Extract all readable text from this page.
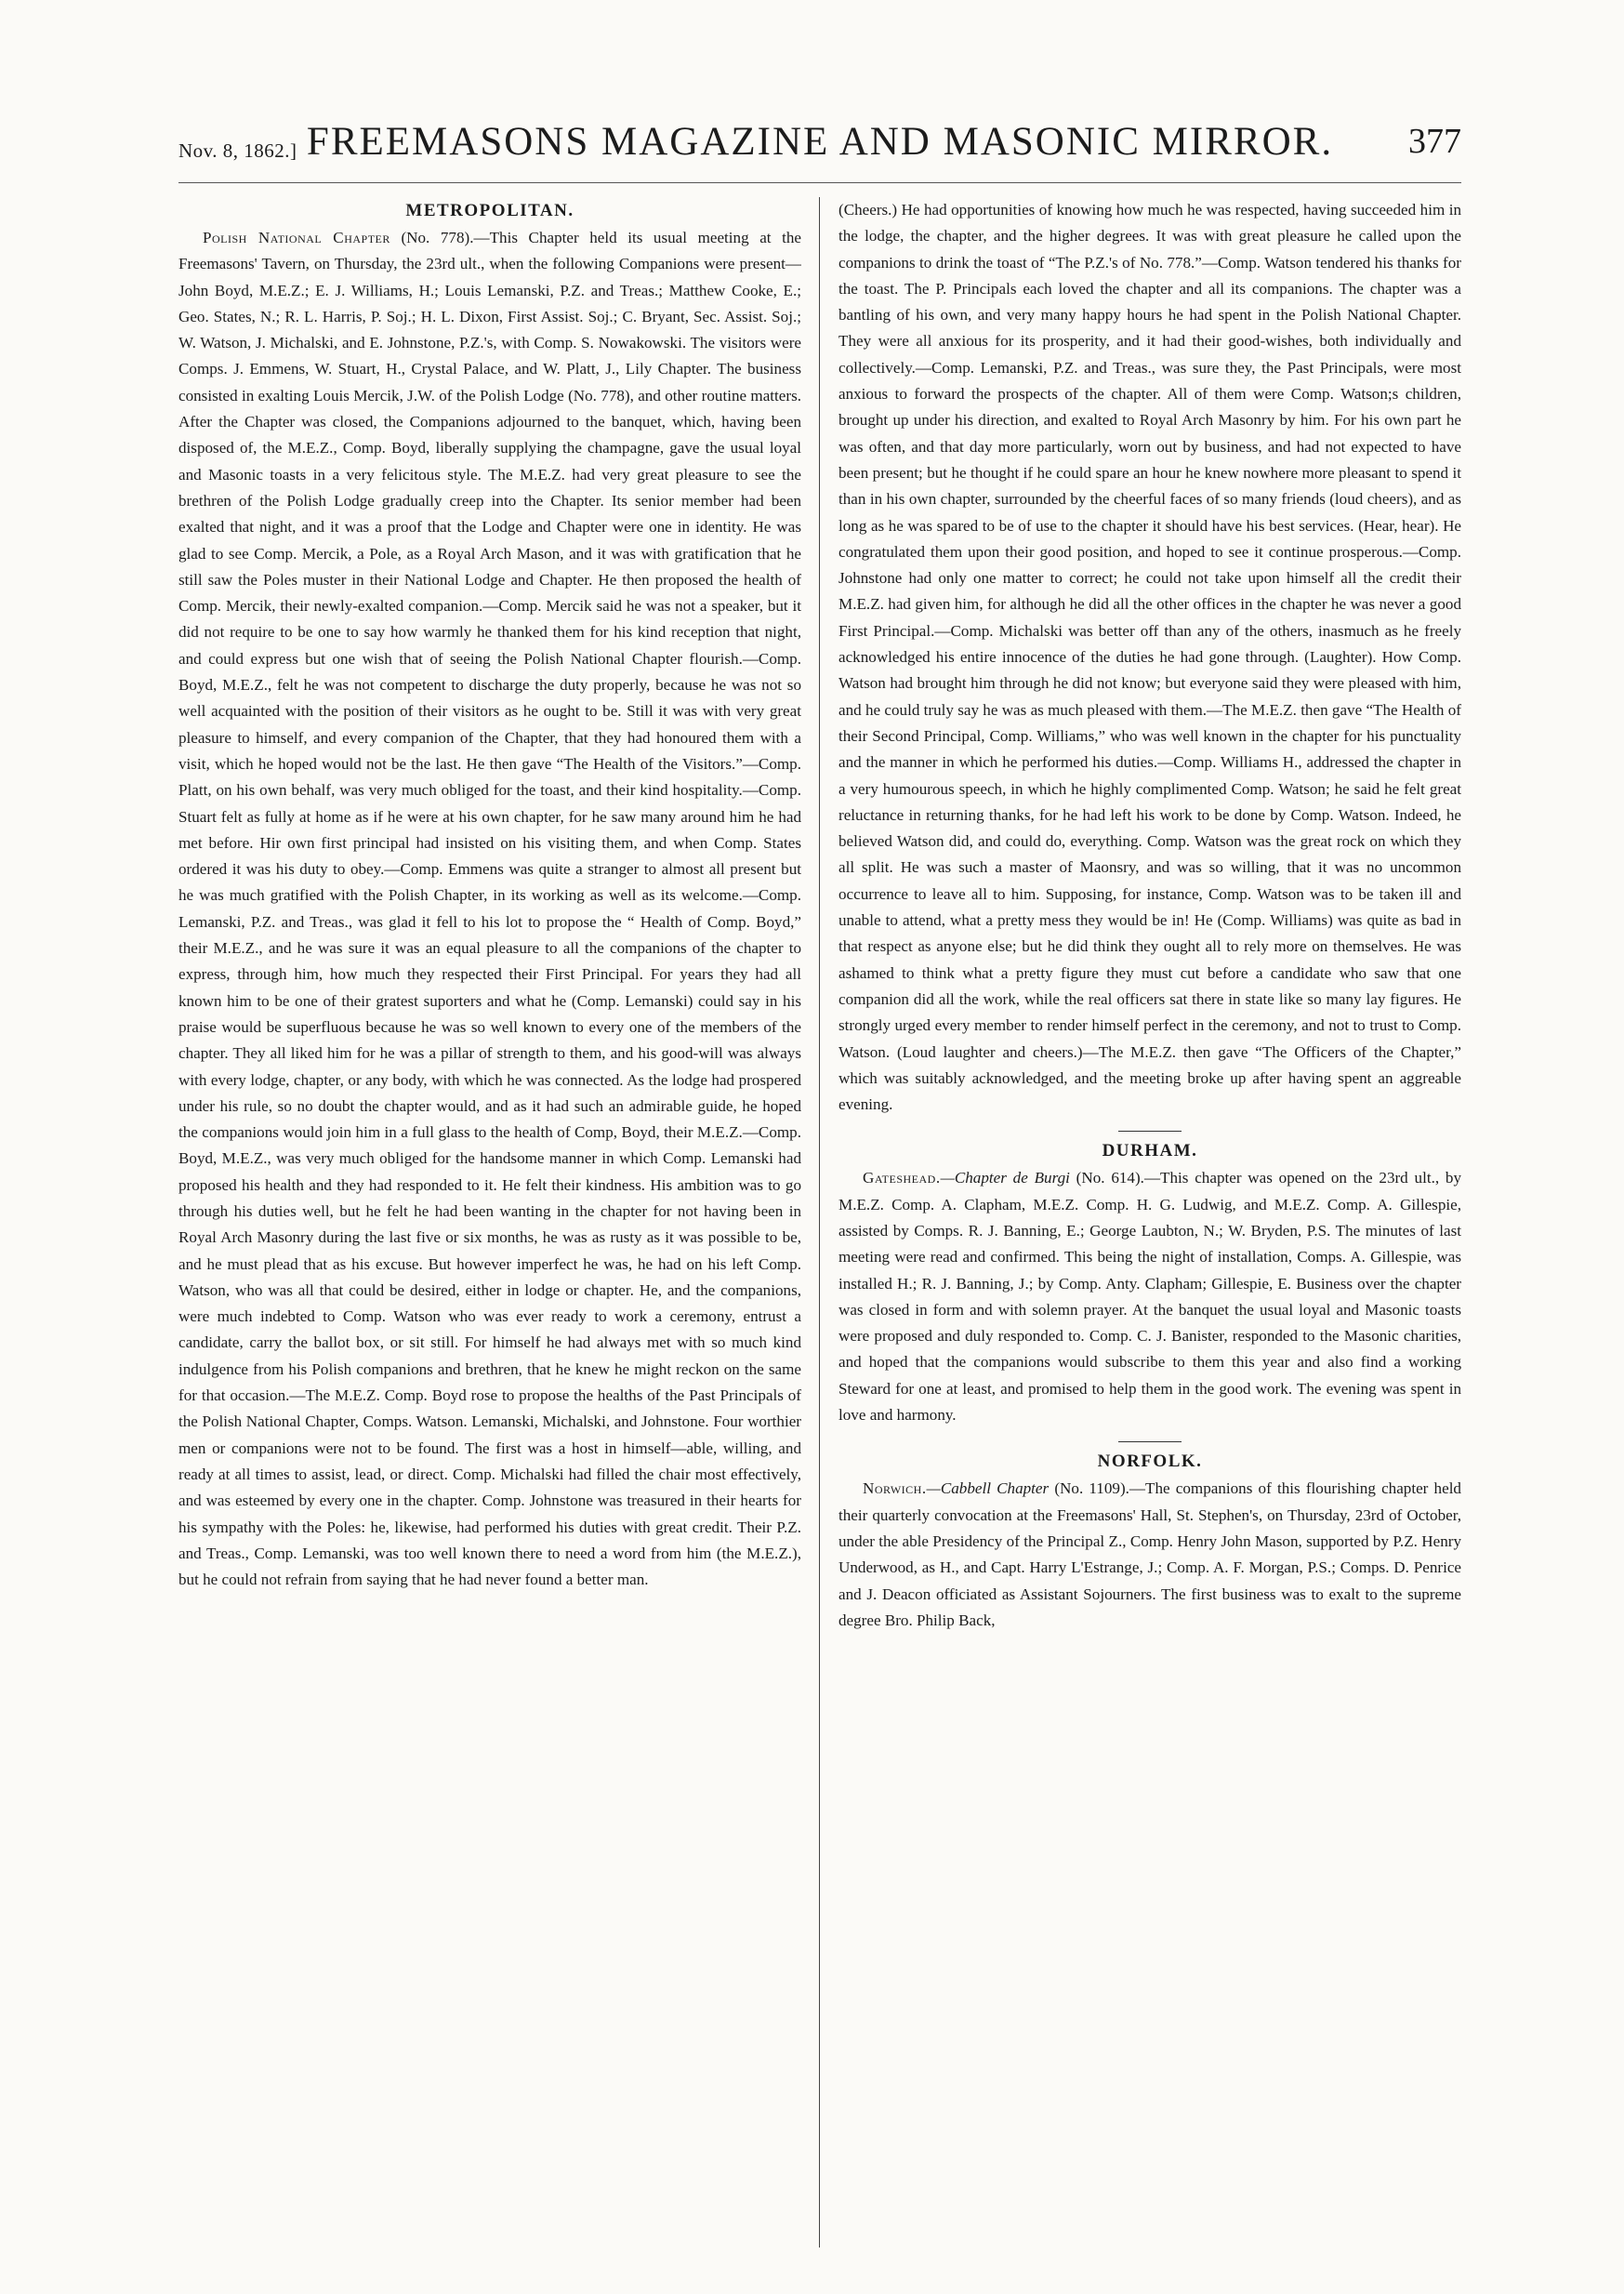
Nov. 8, 1862.] FREEMASONS MAGAZINE AND MASONIC MIRROR.	377
METROPOLITAN.

Polish National Chapter (No. 778).—This Chapter held its usual meeting at the Freemasons' Tavern, on Thursday, the 23rd ult., when the following Companions were present—John Boyd, M.E.Z.; E. J. Williams, H.; Louis Lemanski, P.Z. and Treas.; Matthew Cooke, E.; Geo. States, N.; R. L. Harris, P. Soj.; H. L. Dixon, First Assist. Soj.; C. Bryant, Sec. Assist. Soj.; W. Watson, J. Michalski, and E. Johnstone, P.Z.'s, with Comp. S. Nowakowski. The visitors were Comps. J. Emmens, W. Stuart, H., Crystal Palace, and W. Platt, J., Lily Chapter. The business consisted in exalting Louis Mercik, J.W. of the Polish Lodge (No. 778), and other routine matters. After the Chapter was closed, the Companions adjourned to the banquet, which, having been disposed of, the M.E.Z., Comp. Boyd, liberally supplying the champagne, gave the usual loyal and Masonic toasts in a very felicitous style. The M.E.Z. had very great pleasure to see the brethren of the Polish Lodge gradually creep into the Chapter. Its senior member had been exalted that night, and it was a proof that the Lodge and Chapter were one in identity. He was glad to see Comp. Mercik, a Pole, as a Royal Arch Mason, and it was with gratification that he still saw the Poles muster in their National Lodge and Chapter. He then proposed the health of Comp. Mercik, their newly-exalted companion.—Comp. Mercik said he was not a speaker, but it did not require to be one to say how warmly he thanked them for his kind reception that night, and could express but one wish that of seeing the Polish National Chapter flourish.—Comp. Boyd, M.E.Z., felt he was not competent to discharge the duty properly, because he was not so well acquainted with the position of their visitors as he ought to be. Still it was with very great pleasure to himself, and every companion of the Chapter, that they had honoured them with a visit, which he hoped would not be the last. He then gave “The Health of the Visitors.”—Comp. Platt, on his own behalf, was very much obliged for the toast, and their kind hospitality.—Comp. Stuart felt as fully at home as if he were at his own chapter, for he saw many around him he had met before. Hir own first principal had insisted on his visiting them, and when Comp. States ordered it was his duty to obey.—Comp. Emmens was quite a stranger to almost all present but he was much gratified with the Polish Chapter, in its working as well as its welcome.—Comp. Lemanski, P.Z. and Treas., was glad it fell to his lot to propose the “ Health of Comp. Boyd,” their M.E.Z., and he was sure it was an equal pleasure to all the companions of the chapter to express, through him, how much they respected their First Principal. For years they had all known him to be one of their gratest suporters and what he (Comp. Lemanski) could say in his praise would be superfluous because he was so well known to every one of the members of the chapter. They all liked him for he was a pillar of strength to them, and his good-will was always with every lodge, chapter, or any body, with which he was connected. As the lodge had prospered under his rule, so no doubt the chapter would, and as it had such an admirable guide, he hoped the companions would join him in a full glass to the health of Comp, Boyd, their M.E.Z.—Comp. Boyd, M.E.Z., was very much obliged for the handsome manner in which Comp. Lemanski had proposed his health and they had responded to it. He felt their kindness. His ambition was to go through his duties well, but he felt he had been wanting in the chapter for not having been in Royal Arch Masonry during the last five or six months, he was as rusty as it was possible to be, and he must plead that as his excuse. But however imperfect he was, he had on his left Comp. Watson, who was all that could be desired, either in lodge or chapter. He, and the companions, were much indebted to Comp. Watson who was ever ready to work a ceremony, entrust a candidate, carry the ballot box, or sit still. For himself he had always met with so much kind indulgence from his Polish companions and brethren, that he knew he might reckon on the same for that occasion.—The M.E.Z. Comp. Boyd rose to propose the healths of the Past Principals of the Polish National Chapter, Comps. Watson. Lemanski, Michalski, and Johnstone. Four worthier men or companions were not to be found. The first was a host in himself—able, willing, and ready at all times to assist, lead, or direct. Comp. Michalski had filled the chair most effectively, and was esteemed by every one in the chapter. Comp. Johnstone was treasured in their hearts for his sympathy with the Poles: he, likewise, had performed his duties with great credit. Their P.Z. and Treas., Comp. Lemanski, was too well known there to need a word from him (the M.E.Z.), but he could not refrain from saying that he had never found a better man.

(Cheers.) He had opportunities of knowing how much he was respected, having succeeded him in the lodge, the chapter, and the higher degrees. It was with great pleasure he called upon the companions to drink the toast of “The P.Z.'s of No. 778.”—Comp. Watson tendered his thanks for the toast. The P. Principals each loved the chapter and all its companions. The chapter was a bantling of his own, and very many happy hours he had spent in the Polish National Chapter. They were all anxious for its prosperity, and it had their good-wishes, both individually and collectively.—Comp. Lemanski, P.Z. and Treas., was sure they, the Past Principals, were most anxious to forward the prospects of the chapter. All of them were Comp. Watson;s children, brought up under his direction, and exalted to Royal Arch Masonry by him. For his own part he was often, and that day more particularly, worn out by business, and had not expected to have been present; but he thought if he could spare an hour he knew nowhere more pleasant to spend it than in his own chapter, surrounded by the cheerful faces of so many friends (loud cheers), and as long as he was spared to be of use to the chapter it should have his best services. (Hear, hear). He congratulated them upon their good position, and hoped to see it continue prosperous.—Comp. Johnstone had only one matter to correct; he could not take upon himself all the credit their M.E.Z. had given him, for although he did all the other offices in the chapter he was never a good First Principal.—Comp. Michalski was better off than any of the others, inasmuch as he freely acknowledged his entire innocence of the duties he had gone through. (Laughter). How Comp. Watson had brought him through he did not know; but everyone said they were pleased with him, and he could truly say he was as much pleased with them.—The M.E.Z. then gave “The Health of their Second Principal, Comp. Williams,” who was well known in the chapter for his punctuality and the manner in which he performed his duties.—Comp. Williams H., addressed the chapter in a very humourous speech, in which he highly complimented Comp. Watson; he said he felt great reluctance in returning thanks, for he had left his work to be done by Comp. Watson. Indeed, he believed Watson did, and could do, everything. Comp. Watson was the great rock on which they all split. He was such a master of Maonsry, and was so willing, that it was no uncommon occurrence to leave all to him. Supposing, for instance, Comp. Watson was to be taken ill and unable to attend, what a pretty mess they would be in! He (Comp. Williams) was quite as bad in that respect as anyone else; but he did think they ought all to rely more on themselves. He was ashamed to think what a pretty figure they must cut before a candidate who saw that one companion did all the work, while the real officers sat there in state like so many lay figures. He strongly urged every member to render himself perfect in the ceremony, and not to trust to Comp. Watson. (Loud laughter and cheers.)—The M.E.Z. then gave “The Officers of the Chapter,” which was suitably acknowledged, and the meeting broke up after having spent an aggreable evening.

DURHAM.

Gateshead.—Chapter de Burgi (No. 614).—This chapter was opened on the 23rd ult., by M.E.Z. Comp. A. Clapham, M.E.Z. Comp. H. G. Ludwig, and M.E.Z. Comp. A. Gillespie, assisted by Comps. R. J. Banning, E.; George Laubton, N.; W. Bryden, P.S. The minutes of last meeting were read and confirmed. This being the night of installation, Comps. A. Gillespie, was installed H.; R. J. Banning, J.; by Comp. Anty. Clapham; Gillespie, E. Business over the chapter was closed in form and with solemn prayer. At the banquet the usual loyal and Masonic toasts were proposed and duly responded to. Comp. C. J. Banister, responded to the Masonic charities, and hoped that the companions would subscribe to them this year and also find a working Steward for one at least, and promised to help them in the good work. The evening was spent in love and harmony.

NORFOLK.

Norwich.—Cabbell Chapter (No. 1109).—The companions of this flourishing chapter held their quarterly convocation at the Freemasons' Hall, St. Stephen's, on Thursday, 23rd of October, under the able Presidency of the Principal Z., Comp. Henry John Mason, supported by P.Z. Henry Underwood, as H., and Capt. Harry L'Estrange, J.; Comp. A. F. Morgan, P.S.; Comps. D. Penrice and J. Deacon officiated as Assistant Sojourners. The first business was to exalt to the supreme degree Bro. Philip Back,
